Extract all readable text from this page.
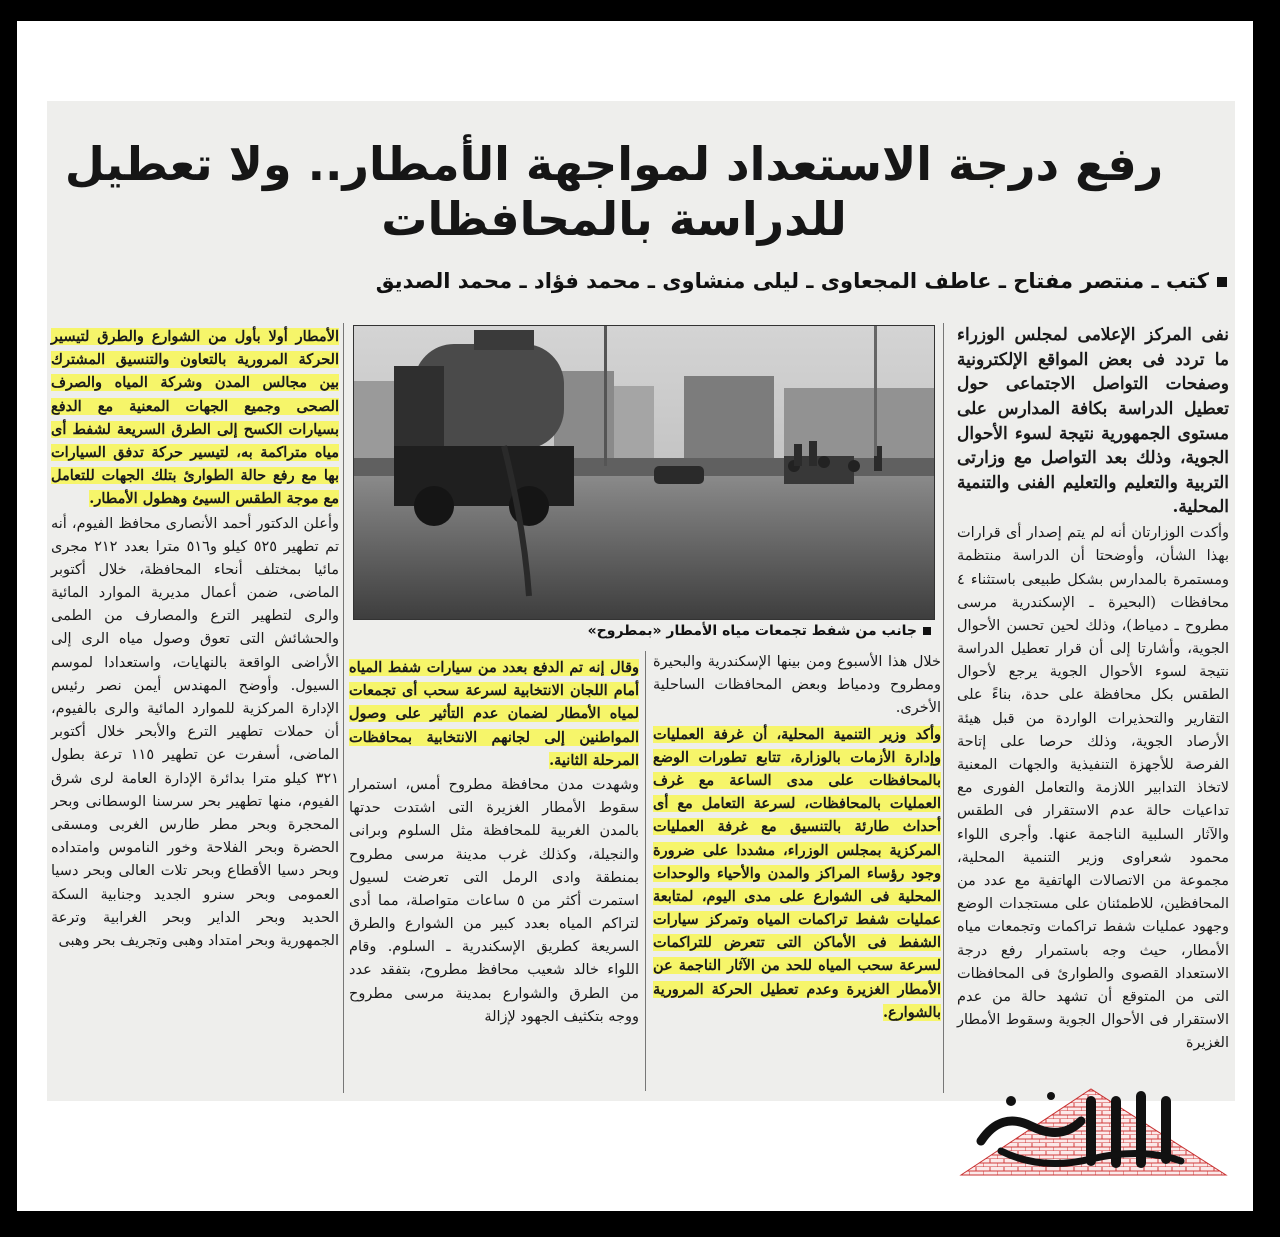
رفع درجة الاستعداد لمواجهة الأمطار.. ولا تعطيل للدراسة بالمحافظات
كتب ـ منتصر مفتاح ـ عاطف المجعاوى ـ ليلى منشاوى ـ محمد فؤاد ـ محمد الصديق

نفى المركز الإعلامى لمجلس الوزراء ما تردد فى بعض المواقع الإلكترونية وصفحات التواصل الاجتماعى حول تعطيل الدراسة بكافة المدارس على مستوى الجمهورية نتيجة لسوء الأحوال الجوية، وذلك بعد التواصل مع وزارتى التربية والتعليم والتعليم الفنى والتنمية المحلية.

وأكدت الوزارتان أنه لم يتم إصدار أى قرارات بهذا الشأن، وأوضحتا أن الدراسة منتظمة ومستمرة بالمدارس بشكل طبيعى باستثناء ٤ محافظات (البحيرة ـ الإسكندرية مرسى مطروح ـ دمياط)، وذلك لحين تحسن الأحوال الجوية، وأشارتا إلى أن قرار تعطيل الدراسة نتيجة لسوء الأحوال الجوية يرجع لأحوال الطقس بكل محافظة على حدة، بناءً على التقارير والتحذيرات الواردة من قبل هيئة الأرصاد الجوية، وذلك حرصا على إتاحة الفرصة للأجهزة التنفيذية والجهات المعنية لاتخاذ التدابير اللازمة والتعامل الفورى مع تداعيات حالة عدم الاستقرار فى الطقس والآثار السلبية الناجمة عنها. وأجرى اللواء محمود شعراوى وزير التنمية المحلية، مجموعة من الاتصالات الهاتفية مع عدد من المحافظين، للاطمئنان على مستجدات الوضع وجهود عمليات شفط تراكمات وتجمعات مياه الأمطار، حيث وجه باستمرار رفع درجة الاستعداد القصوى والطوارئ فى المحافظات التى من المتوقع أن تشهد حالة من عدم الاستقرار فى الأحوال الجوية وسقوط الأمطار الغزيرة

جانب من شفط تجمعات مياه الأمطار «بمطروح»

خلال هذا الأسبوع ومن بينها الإسكندرية والبحيرة ومطروح ودمياط وبعض المحافظات الساحلية الأخرى.

وأكد وزير التنمية المحلية، أن غرفة العمليات وإدارة الأزمات بالوزارة، تتابع تطورات الوضع بالمحافظات على مدى الساعة مع غرف العمليات بالمحافظات، لسرعة التعامل مع أى أحداث طارئة بالتنسيق مع غرفة العمليات المركزية بمجلس الوزراء، مشددا على ضرورة وجود رؤساء المراكز والمدن والأحياء والوحدات المحلية فى الشوارع على مدى اليوم، لمتابعة عمليات شفط تراكمات المياه وتمركز سيارات الشفط فى الأماكن التى تتعرض للتراكمات لسرعة سحب المياه للحد من الآثار الناجمة عن الأمطار الغزيرة وعدم تعطيل الحركة المرورية بالشوارع.

وقال إنه تم الدفع بعدد من سيارات شفط المياه أمام اللجان الانتخابية لسرعة سحب أى تجمعات لمياه الأمطار لضمان عدم التأثير على وصول المواطنين إلى لجانهم الانتخابية بمحافظات المرحلة الثانية.

وشهدت مدن محافظة مطروح أمس، استمرار سقوط الأمطار الغزيرة التى اشتدت حدتها بالمدن الغربية للمحافظة مثل السلوم وبرانى والنجيلة، وكذلك غرب مدينة مرسى مطروح بمنطقة وادى الرمل التى تعرضت لسيول استمرت أكثر من ٥ ساعات متواصلة، مما أدى لتراكم المياه بعدد كبير من الشوارع والطرق السريعة كطريق الإسكندرية ـ السلوم. وقام اللواء خالد شعيب محافظ مطروح، بتفقد عدد من الطرق والشوارع بمدينة مرسى مطروح ووجه بتكثيف الجهود لإزالة

الأمطار أولا بأول من الشوارع والطرق لتيسير الحركة المرورية بالتعاون والتنسيق المشترك بين مجالس المدن وشركة المياه والصرف الصحى وجميع الجهات المعنية مع الدفع بسيارات الكسح إلى الطرق السريعة لشفط أى مياه متراكمة به، لتيسير حركة تدفق السيارات بها مع رفع حالة الطوارئ بتلك الجهات للتعامل مع موجة الطقس السيئ وهطول الأمطار.

وأعلن الدكتور أحمد الأنصارى محافظ الفيوم، أنه تم تطهير ٥٢٥ كيلو و٥١٦ مترا بعدد ٢١٢ مجرى مائيا بمختلف أنحاء المحافظة، خلال أكتوبر الماضى، ضمن أعمال مديرية الموارد المائية والرى لتطهير الترع والمصارف من الطمى والحشائش التى تعوق وصول مياه الرى إلى الأراضى الواقعة بالنهايات، واستعدادا لموسم السيول. وأوضح المهندس أيمن نصر رئيس الإدارة المركزية للموارد المائية والرى بالفيوم، أن حملات تطهير الترع والأبحر خلال أكتوبر الماضى، أسفرت عن تطهير ١١٥ ترعة بطول ٣٢١ كيلو مترا بدائرة الإدارة العامة لرى شرق الفيوم، منها تطهير بحر سرسنا الوسطانى وبحر المحجرة وبحر مطر طارس الغربى ومسقى الحضرة وبحر الفلاحة وخور الناموس وامتداده وبحر دسيا الأقطاع وبحر تلات العالى وبحر دسيا العمومى وبحر سنرو الجديد وجنابية السكة الحديد وبحر الداير وبحر الغرابية وترعة الجمهورية وبحر امتداد وهبى وتجريف بحر وهبى
